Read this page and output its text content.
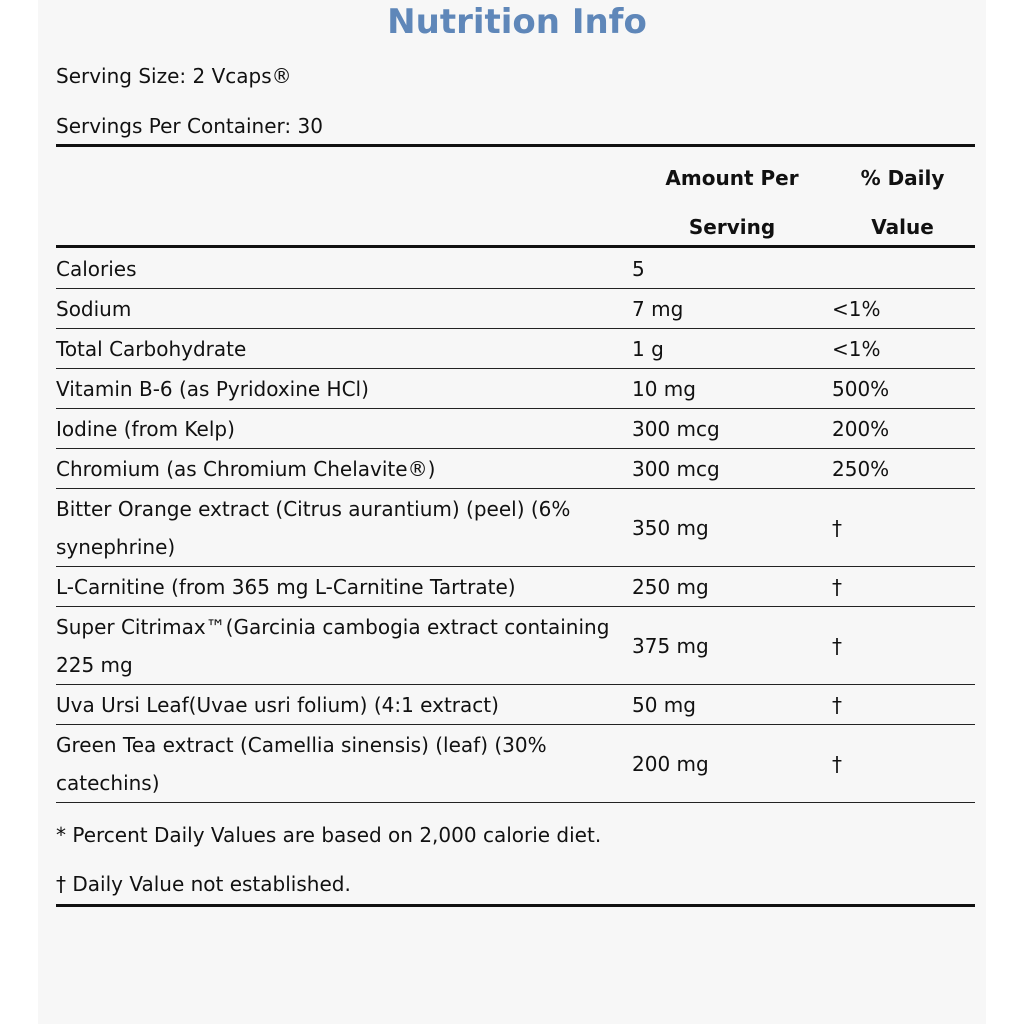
Nutrition Info
Serving Size: 2 Vcaps®
Servings Per Container: 30
Amount Per
Serving
% Daily
Value
Calories	5	
Sodium	7 mg	<1%
Total Carbohydrate	1 g	<1%
Vitamin B-6 (as Pyridoxine HCl)	10 mg	500%
Iodine (from Kelp)	300 mcg	200%
Chromium (as Chromium Chelavite®)	300 mcg	250%
Bitter Orange extract (Citrus aurantium) (peel) (6% synephrine)	350 mg	†
L-Carnitine (from 365 mg L-Carnitine Tartrate)	250 mg	†
Super Citrimax™(Garcinia cambogia extract containing 225 mg	375 mg	†
Uva Ursi Leaf(Uvae usri folium) (4:1 extract)	50 mg	†
Green Tea extract (Camellia sinensis) (leaf) (30% catechins)	200 mg	†
* Percent Daily Values are based on 2,000 calorie diet.
† Daily Value not established.
